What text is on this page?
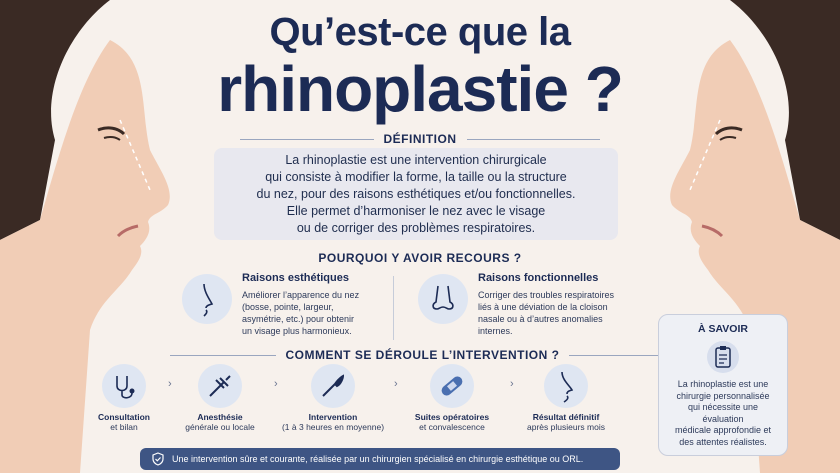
Qu’est-ce que la
rhinoplastie ?
DÉFINITION
La rhinoplastie est une intervention chirurgicale
qui consiste à modifier la forme, la taille ou la structure
du nez, pour des raisons esthétiques et/ou fonctionnelles.
Elle permet d’harmoniser le nez avec le visage
ou de corriger des problèmes respiratoires.
POURQUOI Y AVOIR RECOURS ?
Raisons esthétiques
Améliorer l’apparence du nez
(bosse, pointe, largeur,
asymétrie, etc.) pour obtenir
un visage plus harmonieux.
Raisons fonctionnelles
Corriger des troubles respiratoires
liés à une déviation de la cloison
nasale ou à d’autres anomalies
internes.
COMMENT SE DÉROULE L’INTERVENTION ?
Consultation
et bilan
›
Anesthésie
générale ou locale
›
Intervention
(1 à 3 heures en moyenne)
›
Suites opératoires
et convalescence
›
Résultat définitif
après plusieurs mois
À SAVOIR
La rhinoplastie est une
chirurgie personnalisée
qui nécessite une évaluation
médicale approfondie et
des attentes réalistes.
Une intervention sûre et courante, réalisée par un chirurgien spécialisé en chirurgie esthétique ou ORL.
